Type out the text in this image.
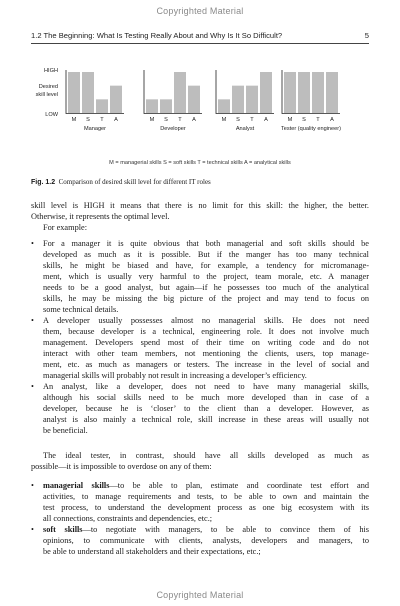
Copyrighted Material
1.2 The Beginning: What Is Testing Really About and Why Is It So Difficult?	5
HIGH
Desired
skill level
LOW
M S T A
Manager
M S T A
Developer
M S T A
Analyst
M S T A
Tester (quality engineer)
M = managerial skills S = soft skills T = technical skills A = analytical skills
Fig. 1.2 Comparison of desired skill level for different IT roles
skill level is HIGH it means that there is no limit for this skill: the higher, the better.
Otherwise, it represents the optimal level.
For example:
• For a manager it is quite obvious that both managerial and soft skills should be
developed as much as it is possible. But if the manger has too many technical
skills, he might be biased and have, for example, a tendency for micromanage-
ment, which is usually very harmful to the project, team morale, etc. A manager
needs to be a good analyst, but again—if he possesses too much of the analytical
skills, he may be missing the big picture of the project and may tend to focus on
some technical details.
• A developer usually possesses almost no managerial skills. He does not need
them, because developer is a technical, engineering role. It does not involve much
management. Developers spend most of their time on writing code and do not
interact with other team members, not mentioning the clients, users, top manage-
ment, etc. as much as managers or testers. The increase in the level of social and
managerial skills will probably not result in increasing a developer’s efficiency.
• An analyst, like a developer, does not need to have many managerial skills,
although his social skills need to be much more developed than in case of a
developer, because he is ‘closer’ to the client than a developer. However, as
analyst is also mainly a technical role, skill increase in these areas will usually not
be beneficial.
The ideal tester, in contrast, should have all skills developed as much as
possible—it is impossible to overdose on any of them:
• managerial skills—to be able to plan, estimate and coordinate test effort and
activities, to manage requirements and tests, to be able to own and maintain the
test process, to understand the development process as one big ecosystem with its
all connections, constraints and dependencies, etc.;
• soft skills—to negotiate with managers, to be able to convince them of his
opinions, to communicate with clients, analysts, developers and managers, to
be able to understand all stakeholders and their expectations, etc.;
Copyrighted Material
